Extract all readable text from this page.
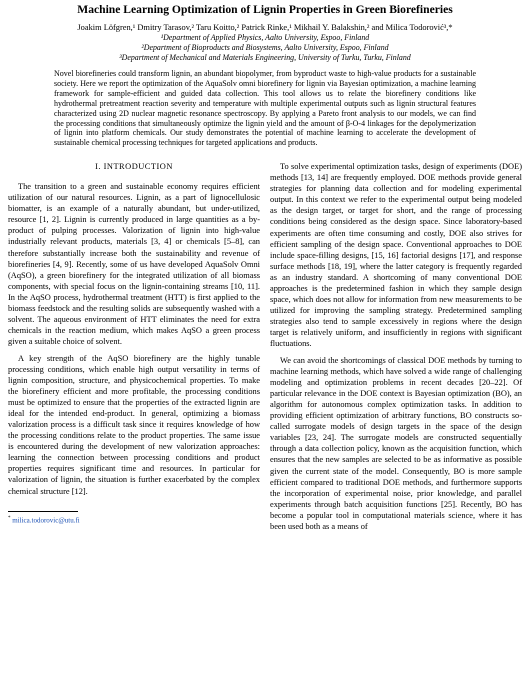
Machine Learning Optimization of Lignin Properties in Green Biorefineries
Joakim Löfgren,¹ Dmitry Tarasov,² Taru Koitto,² Patrick Rinke,¹ Mikhail Y. Balakshin,² and Milica Todorović³,*
¹Department of Applied Physics, Aalto University, Espoo, Finland
²Department of Bioproducts and Biosystems, Aalto University, Espoo, Finland
³Department of Mechanical and Materials Engineering, University of Turku, Turku, Finland
Novel biorefineries could transform lignin, an abundant biopolymer, from byproduct waste to high-value products for a sustainable society. Here we report the optimization of the AquaSolv omni biorefinery for lignin via Bayesian optimization, a machine learning framework for sample-efficient and guided data collection. This tool allows us to relate the biorefinery conditions like hydrothermal pretreatment reaction severity and temperature with multiple experimental outputs such as lignin structural features characterized using 2D nuclear magnetic resonance spectroscopy. By applying a Pareto front analysis to our models, we can find the processing conditions that simultaneously optimize the lignin yield and the amount of β-O-4 linkages for the depolymerization of lignin into platform chemicals. Our study demonstrates the potential of machine learning to accelerate the development of sustainable chemical processing techniques for targeted applications and products.
I. INTRODUCTION

The transition to a green and sustainable economy requires efficient utilization of our natural resources. Lignin, as a part of lignocellulosic biomatter, is an example of a naturally abundant, but under-utilized, resource [1, 2]. Lignin is currently produced in large quantities as a by-product of pulping processes. Valorization of lignin into high-value industrially relevant products, materials [3, 4] or chemicals [5–8], can therefore substantially increase both the sustainability and revenue of biorefineries [4, 9]. Recently, some of us have developed AquaSolv Omni (AqSO), a green biorefinery for the integrated utilization of all biomass components, with special focus on the lignin-containing streams [10, 11]. In the AqSO process, hydrothermal treatment (HTT) is first applied to the biomass feedstock and the resulting solids are subsequently washed with a solvent. The aqueous environment of HTT eliminates the need for extra chemicals in the reaction medium, which makes AqSO a green process given a suitable choice of solvent.

A key strength of the AqSO biorefinery are the highly tunable processing conditions, which enable high output versatility in terms of lignin composition, structure, and physicochemical properties. To make the biorefinery efficient and more profitable, the processing conditions must be optimized to ensure that the properties of the extracted lignin are ideal for the intended end-product. In general, optimizing a biomass valorization process is a difficult task since it requires knowledge of how the processing conditions relate to the product properties. The same issue is encountered during the development of new valorization approaches: learning the connection between processing conditions and product properties requires significant time and resources. In particular for valorization of lignin, the situation is further exacerbated by the complex chemical structure [12].

* milica.todorovic@utu.fi

To solve experimental optimization tasks, design of experiments (DOE) methods [13, 14] are frequently employed. DOE methods provide general strategies for planning data collection and for modeling experimental output. In this context we refer to the experimental output being modeled as the design target, or target for short, and the range of processing conditions being considered as the design space. Since laboratory-based experiments are often time consuming and costly, DOE also strives for efficient sampling of the design space. Conventional approaches to DOE include space-filling designs, [15, 16] factorial designs [17], and response surface methods [18, 19], where the latter category is frequently regarded as an industry standard. A shortcoming of many conventional DOE approaches is the predetermined fashion in which they sample design space, which does not allow for information from new measurements to be utilized for improving the sampling strategy. Predetermined sampling strategies also tend to sample excessively in regions where the design target is relatively uniform, and insufficiently in regions with significant fluctuations.

We can avoid the shortcomings of classical DOE methods by turning to machine learning methods, which have solved a wide range of challenging modeling and optimization problems in recent decades [20–22]. Of particular relevance in the DOE context is Bayesian optimization (BO), an algorithm for autonomous complex optimization tasks. In addition to providing efficient optimization of arbitrary functions, BO constructs so-called surrogate models of design targets in the space of the design variables [23, 24]. The surrogate models are constructed sequentially through a data collection policy, known as the acquisition function, which ensures that the new samples are selected to be as informative as possible given the current state of the model. Consequently, BO is more sample efficient compared to traditional DOE methods, and furthermore supports the incorporation of experimental noise, prior knowledge, and parallel experiments through batch acquisition functions [25]. Recently, BO has become a popular tool in computational materials science, where it has been used both as a means of
